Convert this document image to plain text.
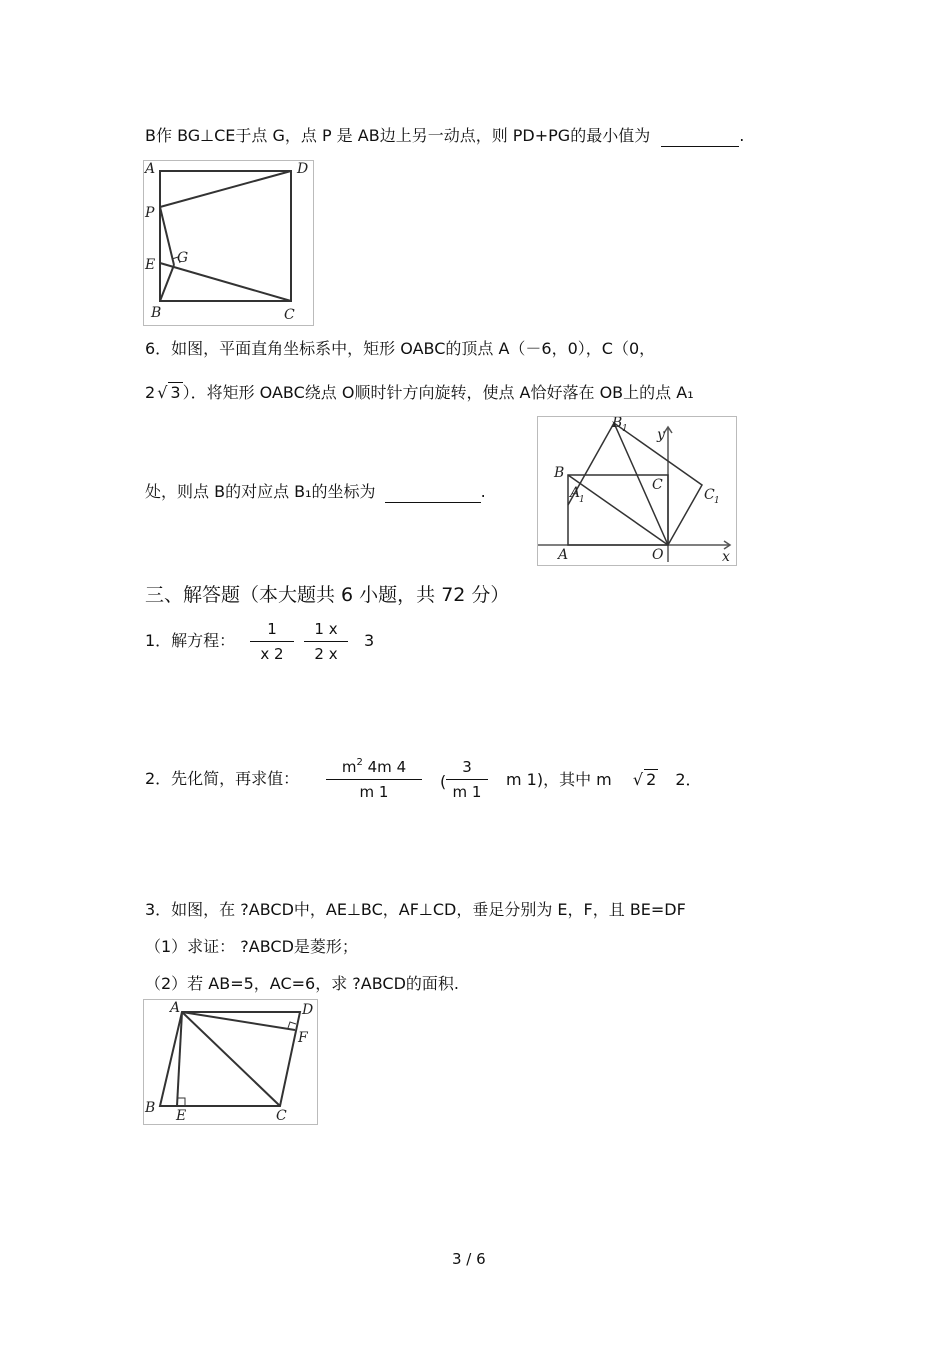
B作 BG⊥CE于点 G，点 P 是 AB边上另一动点，则 PD+PG的最小值为	.
A	D
P
G
E
B	C
6．如图，平面直角坐标系中，矩形 OABC的顶点 A（－6，0），C（0，
2 √ 3 ）．将矩形 OABC绕点 O顺时针方向旋转，使点 A恰好落在 OB上的点 A₁
处，则点 B的对应点 B₁的坐标为	.
B 1 y
B
A
1
C
C 1
A	O	x
三、解答题（本大题共 6 小题，共 72 分）
1．解方程： $\frac{1}{x 2} \frac{1 x}{2 x} 3$
2．先化简，再求值： $\frac{m^2 4m 4}{m 1}$ ( $\frac{3}{m 1}$ m 1)，其中 m √ 2 2．
3．如图，在 ?ABCD中，AE⊥BC，AF⊥CD，垂足分别为 E，F，且 BE=DF
（1）求证： ?ABCD是菱形；
（2）若 AB=5，AC=6，求 ?ABCD的面积.
A	D
F
B E	C
3 / 6
